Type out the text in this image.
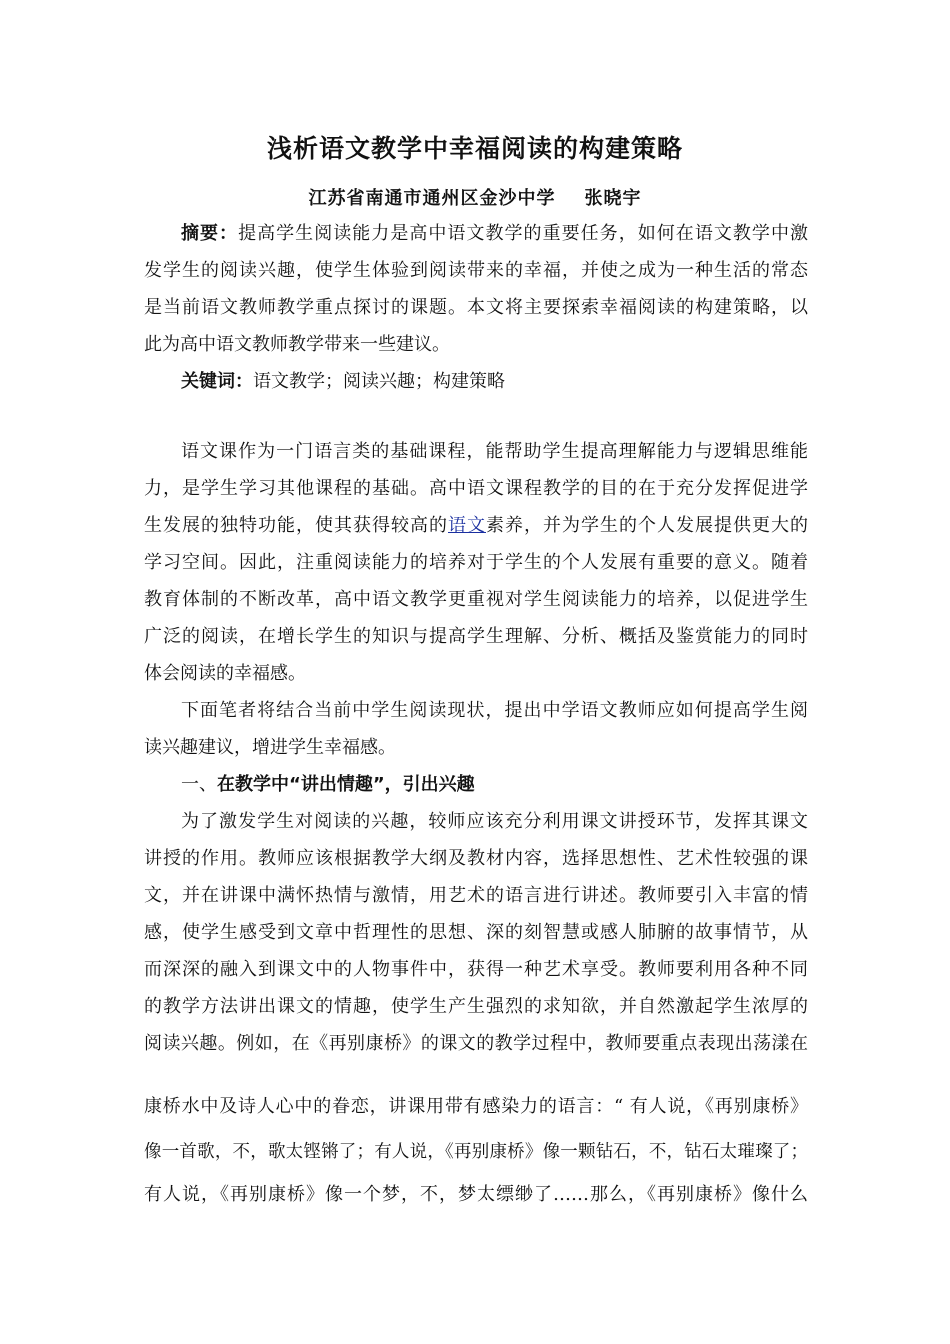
浅析语文教学中幸福阅读的构建策略
江苏省南通市通州区金沙中学    张晓宇
摘要：提高学生阅读能力是高中语文教学的重要任务，如何在语文教学中激
发学生的阅读兴趣，使学生体验到阅读带来的幸福，并使之成为一种生活的常态
是当前语文教师教学重点探讨的课题。本文将主要探索幸福阅读的构建策略，以
此为高中语文教师教学带来一些建议。
关键词：语文教学；阅读兴趣；构建策略
语文课作为一门语言类的基础课程，能帮助学生提高理解能力与逻辑思维能
力，是学生学习其他课程的基础。高中语文课程教学的目的在于充分发挥促进学
生发展的独特功能，使其获得较高的语文素养，并为学生的个人发展提供更大的
学习空间。因此，注重阅读能力的培养对于学生的个人发展有重要的意义。随着
教育体制的不断改革，高中语文教学更重视对学生阅读能力的培养，以促进学生
广泛的阅读，在增长学生的知识与提高学生理解、分析、概括及鉴赏能力的同时
体会阅读的幸福感。
下面笔者将结合当前中学生阅读现状，提出中学语文教师应如何提高学生阅
读兴趣建议，增进学生幸福感。
一、在教学中“讲出情趣”，引出兴趣
为了激发学生对阅读的兴趣，较师应该充分利用课文讲授环节，发挥其课文
讲授的作用。教师应该根据教学大纲及教材内容，选择思想性、艺术性较强的课
文，并在讲课中满怀热情与激情，用艺术的语言进行讲述。教师要引入丰富的情
感，使学生感受到文章中哲理性的思想、深的刻智慧或感人肺腑的故事情节，从
而深深的融入到课文中的人物事件中，获得一种艺术享受。教师要利用各种不同
的教学方法讲出课文的情趣，使学生产生强烈的求知欲，并自然激起学生浓厚的
阅读兴趣。例如，在《再别康桥》的课文的教学过程中，教师要重点表现出荡漾在
康桥水中及诗人心中的眷恋，讲课用带有感染力的语言：“ 有人说，《再别康桥》
像一首歌，不，歌太铿锵了；有人说，《再别康桥》像一颗钻石，不，钻石太璀璨了；
有人说，《再别康桥》像一个梦，不，梦太缥缈了……那么，《再别康桥》像什么
